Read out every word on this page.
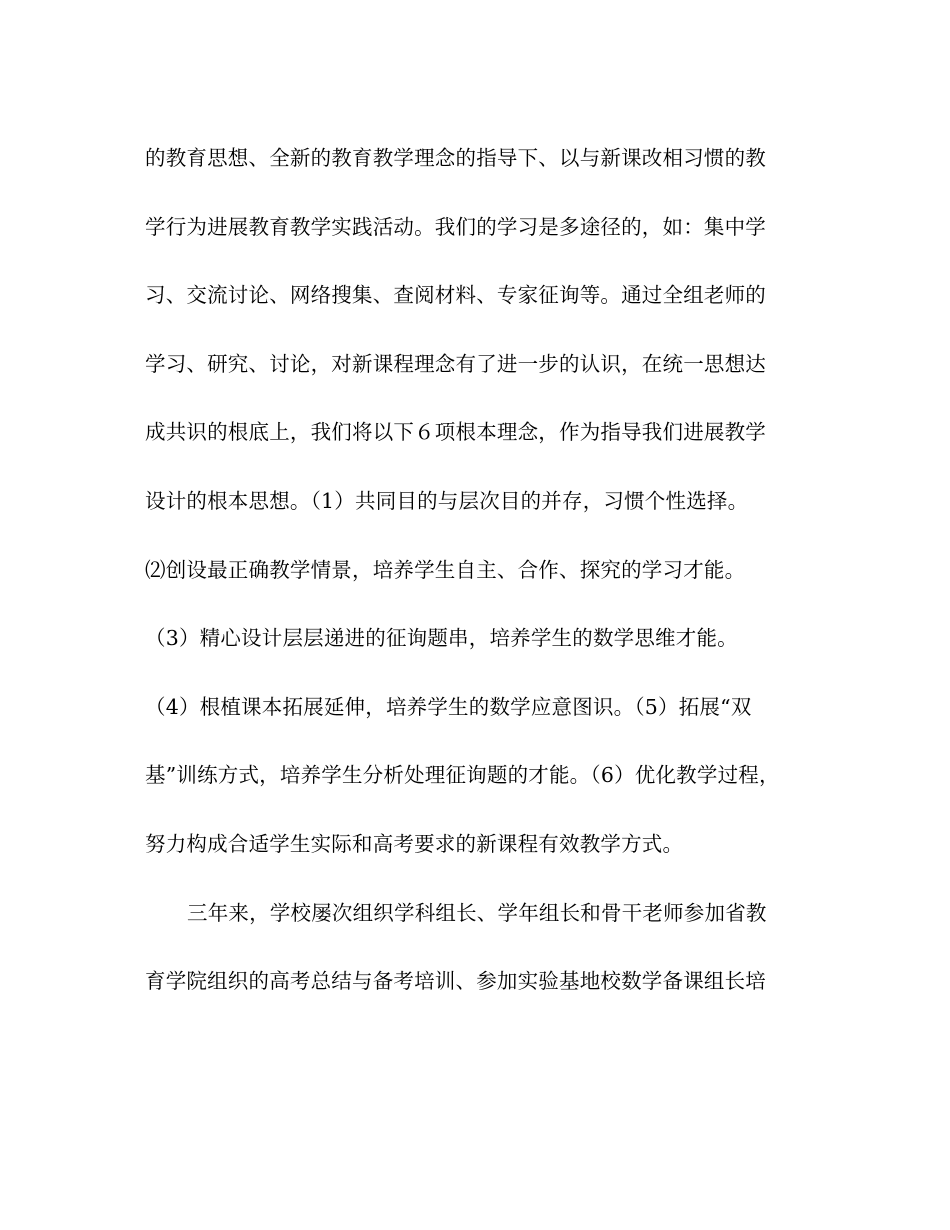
的教育思想、全新的教育教学理念的指导下、以与新课改相习惯的教
学行为进展教育教学实践活动。我们的学习是多途径的，如：集中学
习、交流讨论、网络搜集、查阅材料、专家征询等。通过全组老师的
学习、研究、讨论，对新课程理念有了进一步的认识，在统一思想达
成共识的根底上，我们将以下６项根本理念，作为指导我们进展教学
设计的根本思想。（1）共同目的与层次目的并存，习惯个性选择。
⑵创设最正确教学情景，培养学生自主、合作、探究的学习才能。
（3）精心设计层层递进的征询题串，培养学生的数学思维才能。
（4）根植课本拓展延伸，培养学生的数学应意图识。（5）拓展“双
基”训练方式，培养学生分析处理征询题的才能。（6）优化教学过程，
努力构成合适学生实际和高考要求的新课程有效教学方式。
三年来，学校屡次组织学科组长、学年组长和骨干老师参加省教
育学院组织的高考总结与备考培训、参加实验基地校数学备课组长培
